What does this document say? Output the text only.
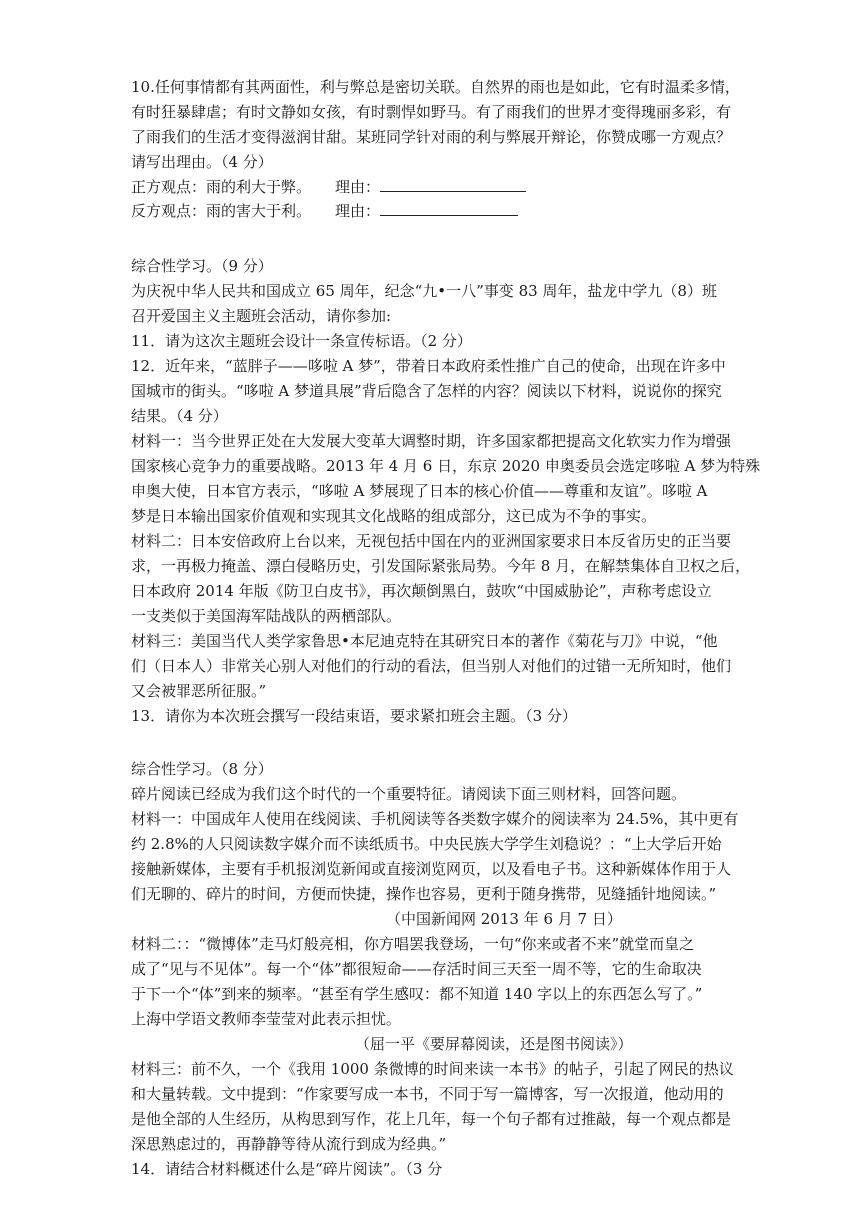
10.任何事情都有其两面性，利与弊总是密切关联。自然界的雨也是如此，它有时温柔多情，
有时狂暴肆虐；有时文静如女孩，有时剽悍如野马。有了雨我们的世界才变得瑰丽多彩，有
了雨我们的生活才变得滋润甘甜。某班同学针对雨的利与弊展开辩论，你赞成哪一方观点？
请写出理由。（4 分）
正方观点：雨的利大于弊。 理由：
反方观点：雨的害大于利。 理由：
综合性学习。（9 分）
为庆祝中华人民共和国成立 65 周年，纪念“九•一八”事变 83 周年，盐龙中学九（8）班
召开爱国主义主题班会活动，请你参加:
11．请为这次主题班会设计一条宣传标语。（2 分）
12．近年来，“蓝胖子——哆啦 A 梦”，带着日本政府柔性推广自己的使命，出现在许多中
国城市的街头。“哆啦 A 梦道具展”背后隐含了怎样的内容？阅读以下材料，说说你的探究
结果。（4 分）
材料一：当今世界正处在大发展大变革大调整时期，许多国家都把提高文化软实力作为增强
国家核心竞争力的重要战略。2013 年 4 月 6 日，东京 2020 申奥委员会选定哆啦 A 梦为特殊
申奥大使，日本官方表示，“哆啦 A 梦展现了日本的核心价值——尊重和友谊”。哆啦 A
梦是日本输出国家价值观和实现其文化战略的组成部分，这已成为不争的事实。
材料二：日本安倍政府上台以来，无视包括中国在内的亚洲国家要求日本反省历史的正当要
求，一再极力掩盖、漂白侵略历史，引发国际紧张局势。今年 8 月，在解禁集体自卫权之后，
日本政府 2014 年版《防卫白皮书》，再次颠倒黑白，鼓吹“中国威胁论”，声称考虑设立
一支类似于美国海军陆战队的两栖部队。
材料三：美国当代人类学家鲁思•本尼迪克特在其研究日本的著作《菊花与刀》中说，“他
们（日本人）非常关心别人对他们的行动的看法，但当别人对他们的过错一无所知时，他们
又会被罪恶所征服。”
13．请你为本次班会撰写一段结束语，要求紧扣班会主题。（3 分）
综合性学习。（8 分）
碎片阅读已经成为我们这个时代的一个重要特征。请阅读下面三则材料，回答问题。
材料一：中国成年人使用在线阅读、手机阅读等各类数字媒介的阅读率为 24.5%，其中更有
约 2.8%的人只阅读数字媒介而不读纸质书。中央民族大学学生刘稳说？：“上大学后开始
接触新媒体，主要有手机报浏览新闻或直接浏览网页，以及看电子书。这种新媒体作用于人
们无聊的、碎片的时间，方便而快捷，操作也容易，更利于随身携带，见缝插针地阅读。”
（中国新闻网 2013 年 6 月 7 日）
材料二：：“微博体”走马灯般亮相，你方唱罢我登场，一句“你来或者不来”就堂而皇之
成了“见与不见体”。每一个“体”都很短命——存活时间三天至一周不等，它的生命取决
于下一个“体”到来的频率。“甚至有学生感叹：都不知道 140 字以上的东西怎么写了。”
上海中学语文教师李莹莹对此表示担忧。
（屈一平《要屏幕阅读，还是图书阅读》）
材料三：前不久，一个《我用 1000 条微博的时间来读一本书》的帖子，引起了网民的热议
和大量转载。文中提到：“作家要写成一本书，不同于写一篇博客，写一次报道，他动用的
是他全部的人生经历，从构思到写作，花上几年，每一个句子都有过推敲，每一个观点都是
深思熟虑过的，再静静等待从流行到成为经典。”
14．请结合材料概述什么是“碎片阅读”。（3 分
